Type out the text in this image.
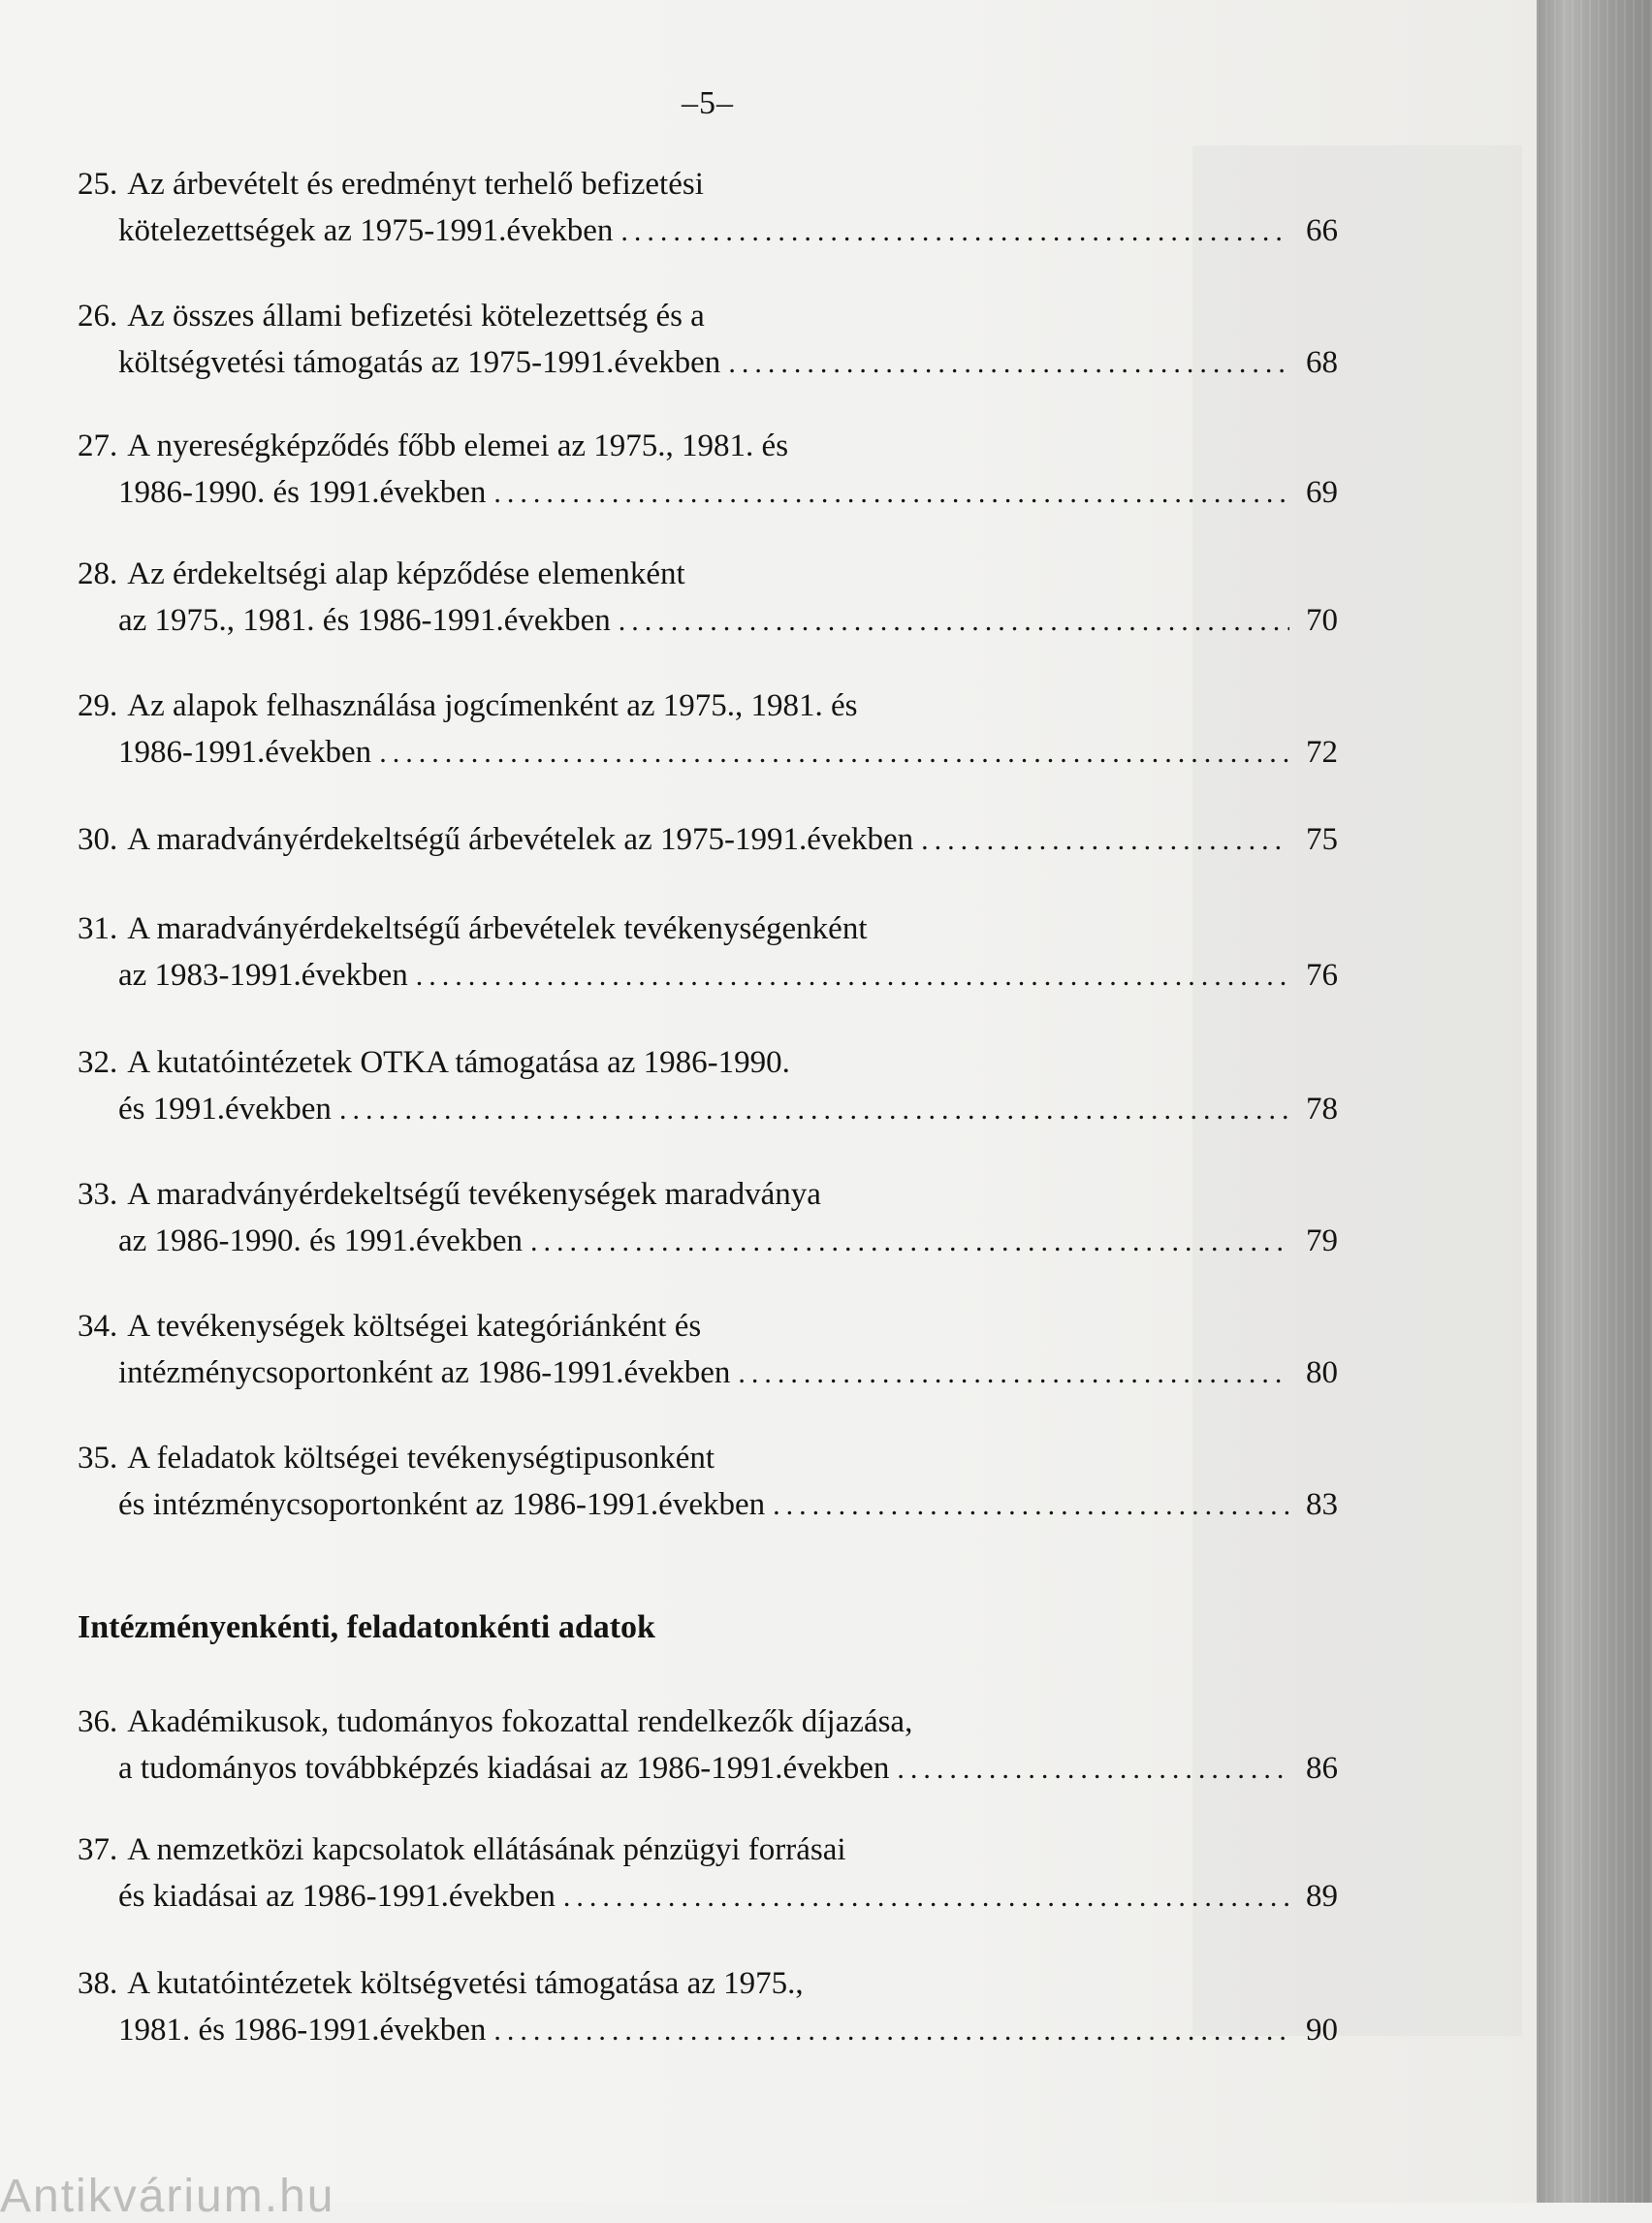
–5–
25. Az árbevételt és eredményt terhelő befizetési
kötelezettségek az 1975-1991.években .....	66
26. Az összes állami befizetési kötelezettség és a
költségvetési támogatás az 1975-1991.években .....	68
27. A nyereségképződés főbb elemei az 1975., 1981. és
1986-1990. és 1991.években .....	69
28. Az érdekeltségi alap képződése elemenként
az 1975., 1981. és 1986-1991.években .....	70
29. Az alapok felhasználása jogcímenként az 1975., 1981. és
1986-1991.években .....	72
30. A maradványérdekeltségű árbevételek az 1975-1991.években .....	75
31. A maradványérdekeltségű árbevételek tevékenységenként
az 1983-1991.években .....	76
32. A kutatóintézetek OTKA támogatása az 1986-1990.
és 1991.években .....	78
33. A maradványérdekeltségű tevékenységek maradványa
az 1986-1990. és 1991.években .....	79
34. A tevékenységek költségei kategóriánként és
intézménycsoportonként az 1986-1991.években .....	80
35. A feladatok költségei tevékenységtipusonként
és intézménycsoportonként az 1986-1991.években .....	83
Intézményenkénti, feladatonkénti adatok
36. Akadémikusok, tudományos fokozattal rendelkezők díjazása,
a tudományos továbbképzés kiadásai az 1986-1991.években .....	86
37. A nemzetközi kapcsolatok ellátásának pénzügyi forrásai
és kiadásai az 1986-1991.években .....	89
38. A kutatóintézetek költségvetési támogatása az 1975.,
1981. és 1986-1991.években .....	90
Antikvárium.hu
